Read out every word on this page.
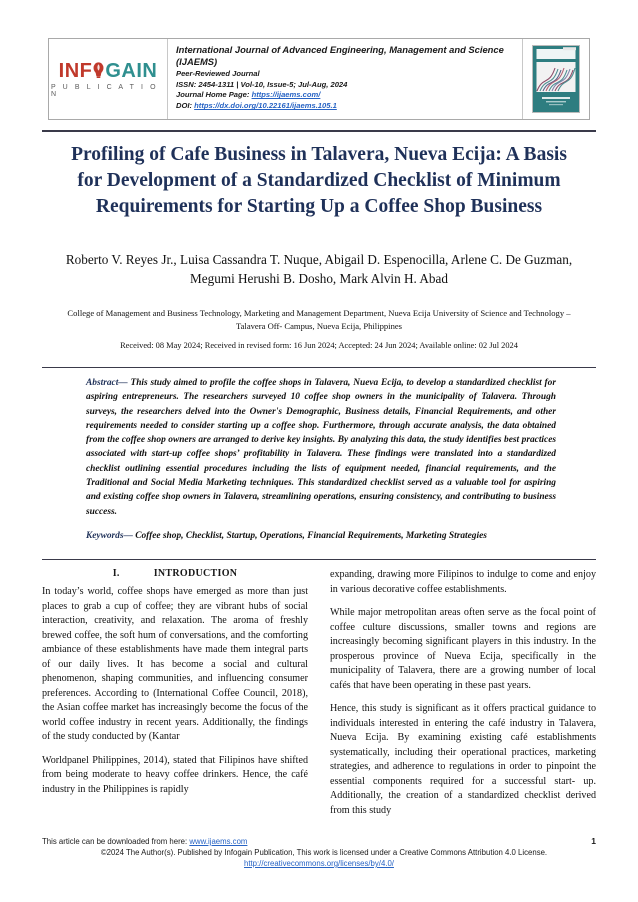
INF GAIN
P U B L I C A T I O N
International Journal of Advanced Engineering, Management and Science (IJAEMS)
Peer-Reviewed Journal
ISSN: 2454-1311 | Vol-10, Issue-5; Jul-Aug, 2024
Journal Home Page: https://ijaems.com/
DOI: https://dx.doi.org/10.22161/ijaems.105.1
Profiling of Cafe Business in Talavera, Nueva Ecija: A Basis for Development of a Standardized Checklist of Minimum Requirements for Starting Up a Coffee Shop Business
Roberto V. Reyes Jr., Luisa Cassandra T. Nuque, Abigail D. Espenocilla, Arlene C. De Guzman, Megumi Herushi B. Dosho, Mark Alvin H. Abad
College of Management and Business Technology, Marketing and Management Department, Nueva Ecija University of Science and Technology – Talavera Off- Campus, Nueva Ecija, Philippines
Received: 08 May 2024; Received in revised form: 16 Jun 2024; Accepted: 24 Jun 2024; Available online: 02 Jul 2024
Abstract— This study aimed to profile the coffee shops in Talavera, Nueva Ecija, to develop a standardized checklist for aspiring entrepreneurs. The researchers surveyed 10 coffee shop owners in the municipality of Talavera. Through surveys, the researchers delved into the Owner's Demographic, Business details, Financial Requirements, and other requirements needed to consider starting up a coffee shop. Furthermore, through accurate analysis, the data obtained from the coffee shop owners are arranged to derive key insights. By analyzing this data, the study identifies best practices associated with start-up coffee shops’ profitability in Talavera. These findings were translated into a standardized checklist outlining essential procedures including the lists of equipment needed, financial requirements, and the Traditional and Social Media Marketing techniques. This standardized checklist served as a valuable tool for aspiring and existing coffee shop owners in Talavera, streamlining operations, ensuring consistency, and contributing to business success.
Keywords— Coffee shop, Checklist, Startup, Operations, Financial Requirements, Marketing Strategies
I.	INTRODUCTION

In today’s world, coffee shops have emerged as more than just places to grab a cup of coffee; they are vibrant hubs of social interaction, creativity, and relaxation. The aroma of freshly brewed coffee, the soft hum of conversations, and the comforting ambiance of these establishments have made them integral parts of our daily lives. It has become a social and cultural phenomenon, shaping communities, and influencing consumer preferences. According to (International Coffee Council, 2018), the Asian coffee market has increasingly become the focus of the world coffee industry in recent years. Additionally, the findings of the study conducted by (Kantar

Worldpanel Philippines, 2014), stated that Filipinos have shifted from being moderate to heavy coffee drinkers. Hence, the café industry in the Philippines is rapidly

expanding, drawing more Filipinos to indulge to come and enjoy in various decorative coffee establishments.

While major metropolitan areas often serve as the focal point of coffee culture discussions, smaller towns and regions are increasingly becoming significant players in this industry. In the prosperous province of Nueva Ecija, specifically in the municipality of Talavera, there are a growing number of local cafés that have been operating in these past years.

Hence, this study is significant as it offers practical guidance to individuals interested in entering the café industry in Talavera, Nueva Ecija. By examining existing café establishments systematically, including their operational practices, marketing strategies, and adherence to regulations in order to pinpoint the essential components required for a successful start- up. Additionally, the creation of a standardized checklist derived from this study

This article can be downloaded from here: www.ijaems.com	1
©2024 The Author(s). Published by Infogain Publication, This work is licensed under a Creative Commons Attribution 4.0 License.
http://creativecommons.org/licenses/by/4.0/
